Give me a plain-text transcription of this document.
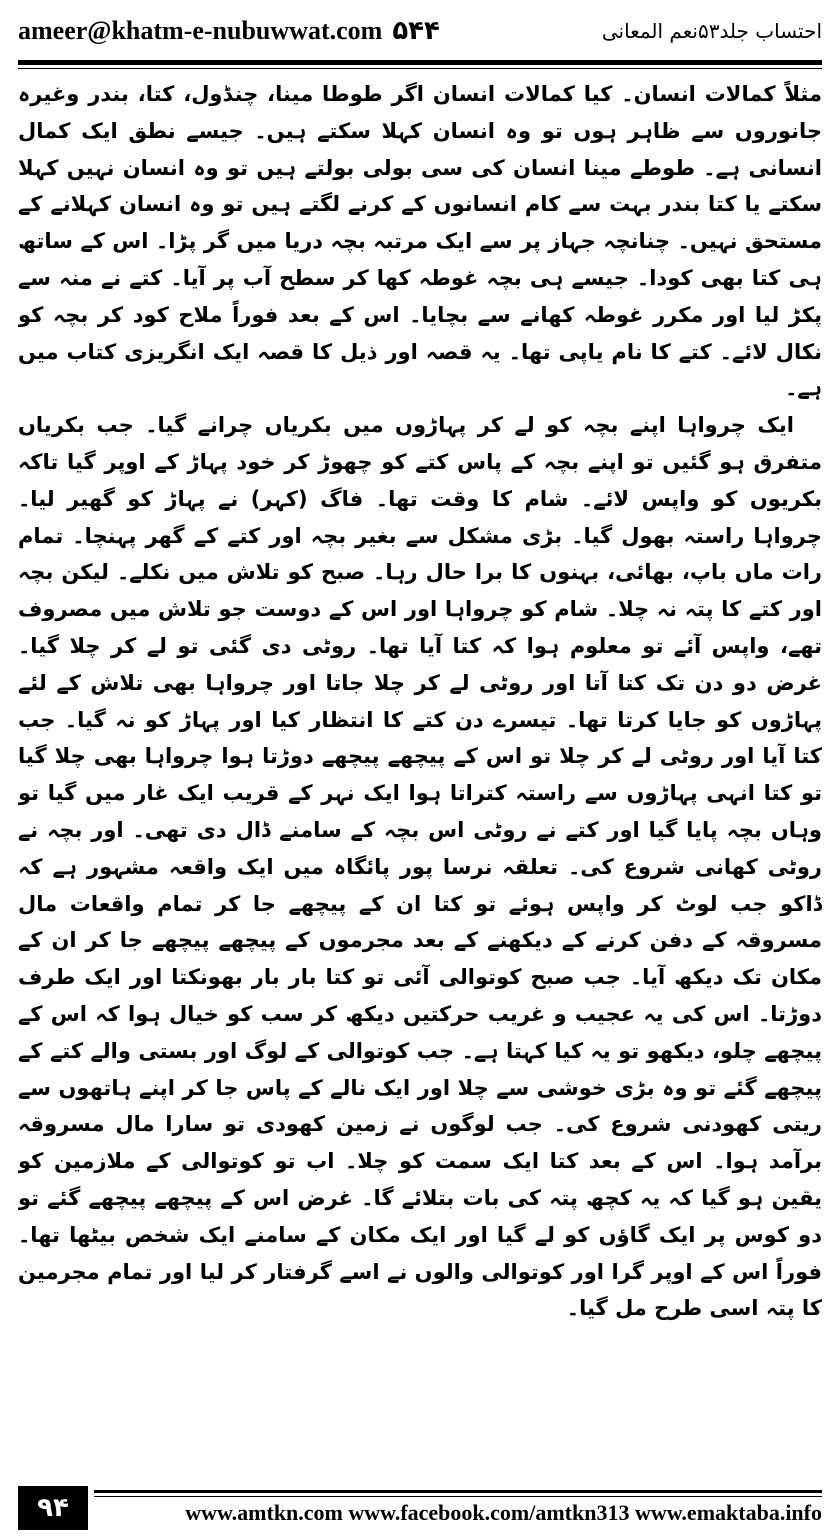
ameer@khatm-e-nubuwwat.com ۵۴۴	احتساب جلد۵۳نعم المعانی

مثلاً کمالات انسان۔ کیا کمالات انسان اگر طوطا مینا، چنڈول، کتا، بندر وغیرہ جانوروں سے ظاہر ہوں تو وہ انسان کہلا سکتے ہیں۔ جیسے نطق ایک کمال انسانی ہے۔ طوطے مینا انسان کی سی بولی بولتے ہیں تو وہ انسان نہیں کہلا سکتے یا کتا بندر بہت سے کام انسانوں کے کرنے لگتے ہیں تو وہ انسان کہلانے کے مستحق نہیں۔ چنانچہ جہاز پر سے ایک مرتبہ بچہ دریا میں گر پڑا۔ اس کے ساتھ ہی کتا بھی کودا۔ جیسے ہی بچہ غوطہ کھا کر سطح آب پر آیا۔ کتے نے منہ سے پکڑ لیا اور مکرر غوطہ کھانے سے بچایا۔ اس کے بعد فوراً ملاح کود کر بچہ کو نکال لائے۔ کتے کا نام یاپی تھا۔ یہ قصہ اور ذیل کا قصہ ایک انگریزی کتاب میں ہے۔

ایک چرواہا اپنے بچہ کو لے کر پہاڑوں میں بکریاں چرانے گیا۔ جب بکریاں متفرق ہو گئیں تو اپنے بچہ کے پاس کتے کو چھوڑ کر خود پہاڑ کے اوپر گیا تاکہ بکریوں کو واپس لائے۔ شام کا وقت تھا۔ فاگ (کہر) نے پہاڑ کو گھیر لیا۔ چرواہا راستہ بھول گیا۔ بڑی مشکل سے بغیر بچہ اور کتے کے گھر پہنچا۔ تمام رات ماں باپ، بھائی، بہنوں کا برا حال رہا۔ صبح کو تلاش میں نکلے۔ لیکن بچہ اور کتے کا پتہ نہ چلا۔ شام کو چرواہا اور اس کے دوست جو تلاش میں مصروف تھے، واپس آئے تو معلوم ہوا کہ کتا آیا تھا۔ روٹی دی گئی تو لے کر چلا گیا۔ غرض دو دن تک کتا آتا اور روٹی لے کر چلا جاتا اور چرواہا بھی تلاش کے لئے پہاڑوں کو جایا کرتا تھا۔ تیسرے دن کتے کا انتظار کیا اور پہاڑ کو نہ گیا۔ جب کتا آیا اور روٹی لے کر چلا تو اس کے پیچھے پیچھے دوڑتا ہوا چرواہا بھی چلا گیا تو کتا انہی پہاڑوں سے راستہ کتراتا ہوا ایک نہر کے قریب ایک غار میں گیا تو وہاں بچہ پایا گیا اور کتے نے روٹی اس بچہ کے سامنے ڈال دی تھی۔ اور بچہ نے روٹی کھانی شروع کی۔ تعلقہ نرسا پور پائگاہ میں ایک واقعہ مشہور ہے کہ ڈاکو جب لوٹ کر واپس ہوئے تو کتا ان کے پیچھے جا کر تمام واقعات مال مسروقہ کے دفن کرنے کے دیکھنے کے بعد مجرموں کے پیچھے پیچھے جا کر ان کے مکان تک دیکھ آیا۔ جب صبح کوتوالی آئی تو کتا بار بار بھونکتا اور ایک طرف دوڑتا۔ اس کی یہ عجیب و غریب حرکتیں دیکھ کر سب کو خیال ہوا کہ اس کے پیچھے چلو، دیکھو تو یہ کیا کہتا ہے۔ جب کوتوالی کے لوگ اور بستی والے کتے کے پیچھے گئے تو وہ بڑی خوشی سے چلا اور ایک نالے کے پاس جا کر اپنے ہاتھوں سے ریتی کھودنی شروع کی۔ جب لوگوں نے زمین کھودی تو سارا مال مسروقہ برآمد ہوا۔ اس کے بعد کتا ایک سمت کو چلا۔ اب تو کوتوالی کے ملازمین کو یقین ہو گیا کہ یہ کچھ پتہ کی بات بتلائے گا۔ غرض اس کے پیچھے پیچھے گئے تو دو کوس پر ایک گاؤں کو لے گیا اور ایک مکان کے سامنے ایک شخص بیٹھا تھا۔ فوراً اس کے اوپر گرا اور کوتوالی والوں نے اسے گرفتار کر لیا اور تمام مجرمین کا پتہ اسی طرح مل گیا۔

۹۴	www.amtkn.com www.facebook.com/amtkn313 www.emaktaba.info
